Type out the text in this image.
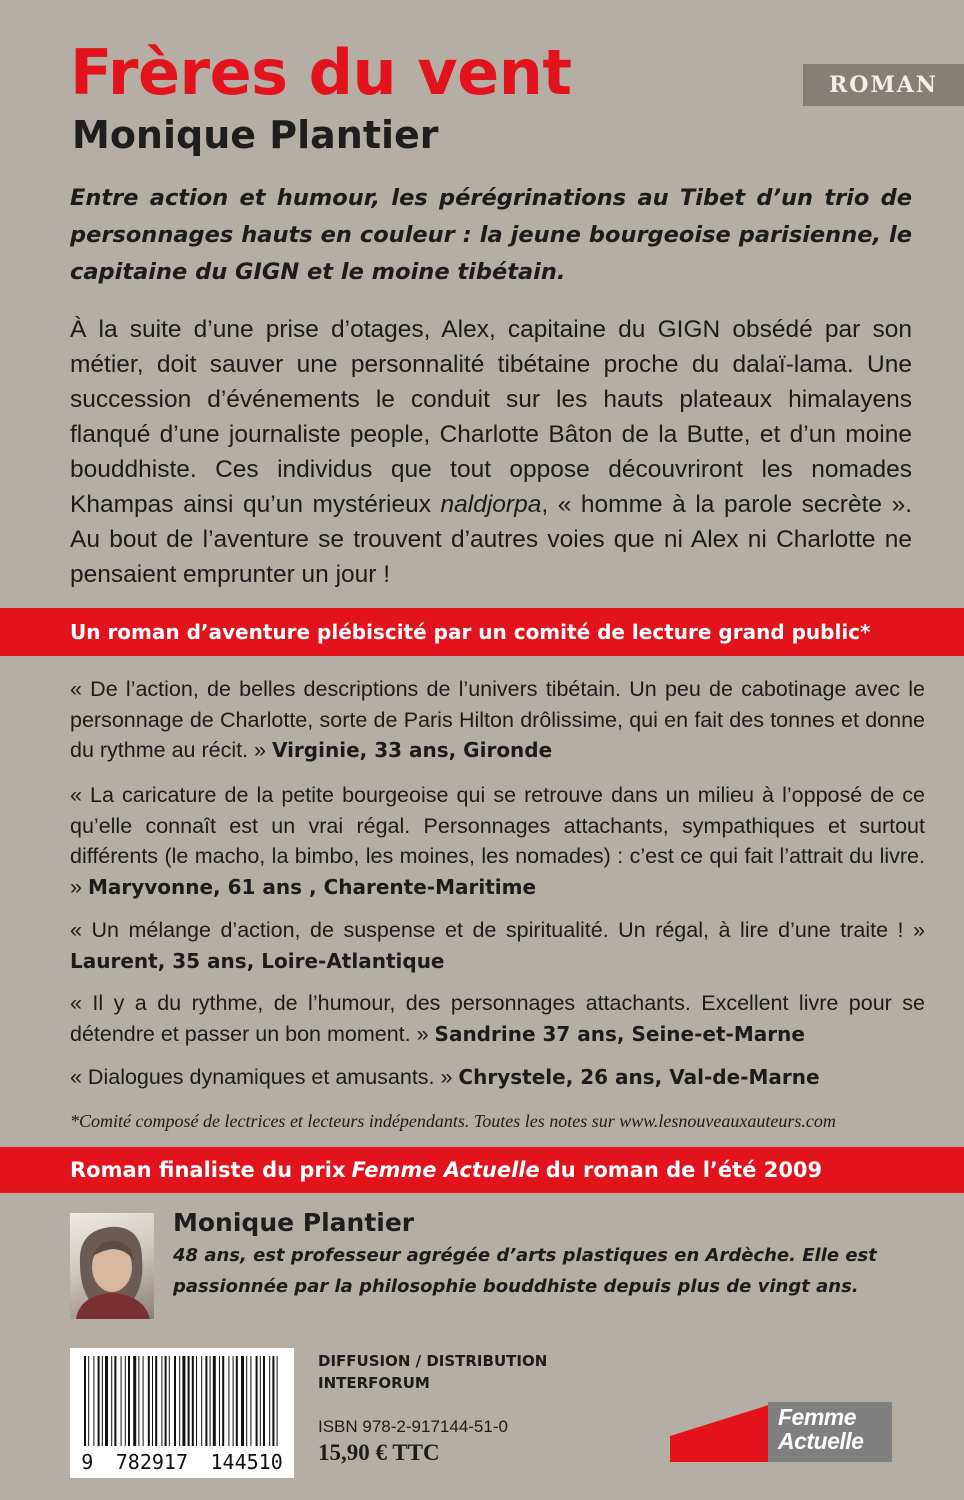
Frères du vent
Monique Plantier
ROMAN

Entre action et humour, les pérégrinations au Tibet d’un trio de personnages hauts en couleur : la jeune bourgeoise parisienne, le capitaine du GIGN et le moine tibétain.

À la suite d’une prise d’otages, Alex, capitaine du GIGN obsédé par son métier, doit sauver une personnalité tibétaine proche du dalaï-lama. Une succession d’événements le conduit sur les hauts plateaux himalayens flanqué d’une journaliste people, Charlotte Bâton de la Butte, et d’un moine bouddhiste. Ces individus que tout oppose découvriront les nomades Khampas ainsi qu’un mystérieux naldjorpa, « homme à la parole secrète ». Au bout de l’aventure se trouvent d’autres voies que ni Alex ni Charlotte ne pensaient emprunter un jour !

Un roman d’aventure plébiscité par un comité de lecture grand public*

« De l’action, de belles descriptions de l’univers tibétain. Un peu de cabotinage avec le personnage de Charlotte, sorte de Paris Hilton drôlissime, qui en fait des tonnes et donne du rythme au récit. » Virginie, 33 ans, Gironde

« La caricature de la petite bourgeoise qui se retrouve dans un milieu à l’opposé de ce qu’elle connaît est un vrai régal. Personnages attachants, sympathiques et surtout différents (le macho, la bimbo, les moines, les nomades) : c’est ce qui fait l’attrait du livre. » Maryvonne, 61 ans , Charente-Maritime

« Un mélange d’action, de suspense et de spiritualité. Un régal, à lire d’une traite ! » Laurent, 35 ans, Loire-Atlantique

« Il y a du rythme, de l’humour, des personnages attachants. Excellent livre pour se détendre et passer un bon moment. » Sandrine 37 ans, Seine-et-Marne

« Dialogues dynamiques et amusants. » Chrystele, 26 ans, Val-de-Marne

*Comité composé de lectrices et lecteurs indépendants. Toutes les notes sur www.lesnouveauxauteurs.com

Roman finaliste du prix Femme Actuelle du roman de l’été 2009
Monique Plantier

48 ans, est professeur agrégée d’arts plastiques en Ardèche. Elle est passionnée par la philosophie bouddhiste depuis plus de vingt ans.

9 782917 144510
DIFFUSION / DISTRIBUTION
INTERFORUM

ISBN 978-2-917144-51-0

15,90 € TTC

Femme
Actuelle
